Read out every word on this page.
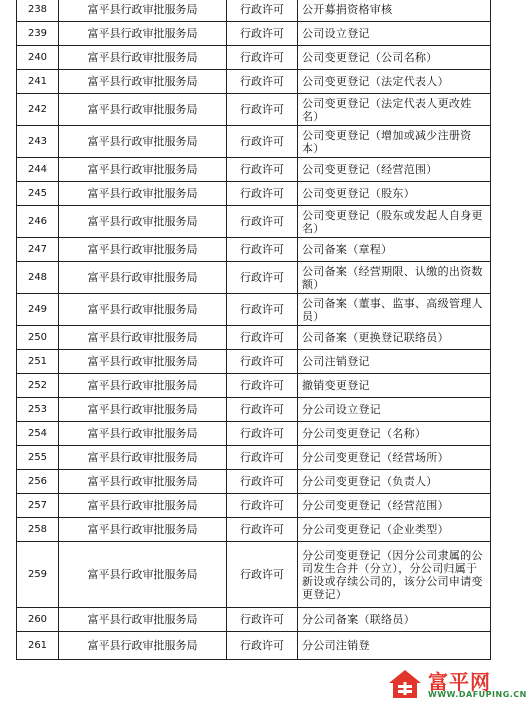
238	富平县行政审批服务局	行政许可	公开募捐资格审核
239	富平县行政审批服务局	行政许可	公司设立登记
240	富平县行政审批服务局	行政许可	公司变更登记（公司名称）
241	富平县行政审批服务局	行政许可	公司变更登记（法定代表人）
242	富平县行政审批服务局	行政许可	公司变更登记（法定代表人更改姓名）
243	富平县行政审批服务局	行政许可	公司变更登记（增加或减少注册资本）
244	富平县行政审批服务局	行政许可	公司变更登记（经营范围）
245	富平县行政审批服务局	行政许可	公司变更登记（股东）
246	富平县行政审批服务局	行政许可	公司变更登记（股东或发起人自身更名）
247	富平县行政审批服务局	行政许可	公司备案（章程）
248	富平县行政审批服务局	行政许可	公司备案（经营期限、认缴的出资数额）
249	富平县行政审批服务局	行政许可	公司备案（董事、监事、高级管理人员）
250	富平县行政审批服务局	行政许可	公司备案（更换登记联络员）
251	富平县行政审批服务局	行政许可	公司注销登记
252	富平县行政审批服务局	行政许可	撤销变更登记
253	富平县行政审批服务局	行政许可	分公司设立登记
254	富平县行政审批服务局	行政许可	分公司变更登记（名称）
255	富平县行政审批服务局	行政许可	分公司变更登记（经营场所）
256	富平县行政审批服务局	行政许可	分公司变更登记（负责人）
257	富平县行政审批服务局	行政许可	分公司变更登记（经营范围）
258	富平县行政审批服务局	行政许可	分公司变更登记（企业类型）
259	富平县行政审批服务局	行政许可	分公司变更登记（因分公司隶属的公司发生合并（分立），分公司归属于新设或存续公司的，该分公司申请变更登记）
260	富平县行政审批服务局	行政许可	分公司备案（联络员）
261	富平县行政审批服务局	行政许可	分公司注销登
富平网
WWW.DAFUPING.CN
